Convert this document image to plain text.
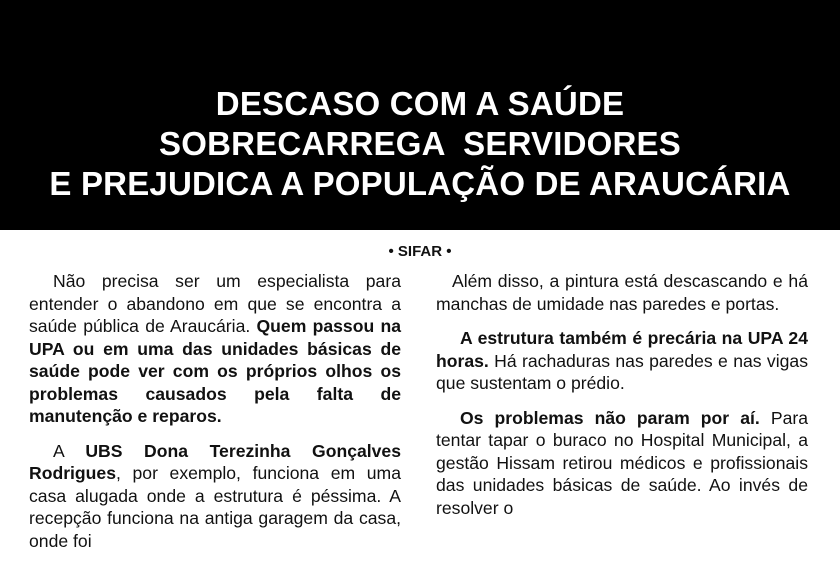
DESCASO COM A SAÚDE
SOBRECARREGA  SERVIDORES
E PREJUDICA A POPULAÇÃO DE ARAUCÁRIA
• SIFAR •

Não precisa ser um especialista para entender o abandono em que se encontra a saúde pública de Araucária. Quem passou na UPA ou em uma das unidades básicas de saúde pode ver com os próprios olhos os problemas causados pela falta de manutenção e reparos.

A UBS Dona Terezinha Gonçalves Rodrigues, por exemplo, funciona em uma casa alugada onde a estrutura é péssima. A recepção funciona na antiga garagem da casa, onde foi

Além disso, a pintura está descascando e há manchas de umidade nas paredes e portas.

A estrutura também é precária na UPA 24 horas. Há rachaduras nas paredes e nas vigas que sustentam o prédio.

Os problemas não param por aí. Para tentar tapar o buraco no Hospital Municipal, a gestão Hissam retirou médicos e profissionais das unidades básicas de saúde. Ao invés de resolver o
